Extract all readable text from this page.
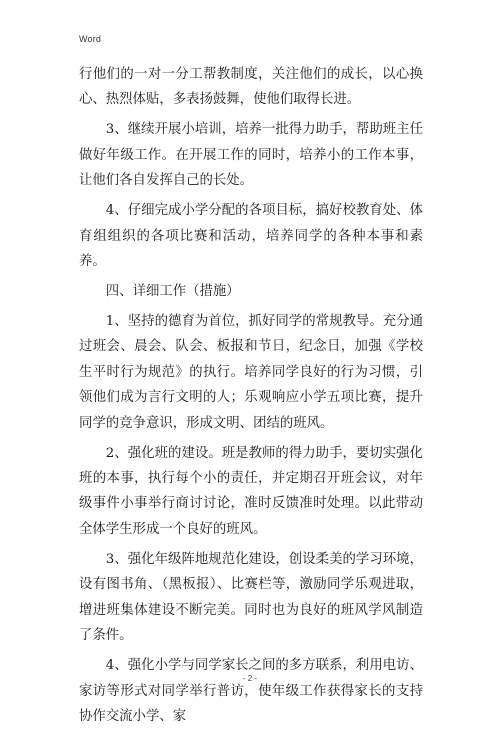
Word

行他们的一对一分工帮教制度，关注他们的成长，以心换心、热烈体贴，多表扬鼓舞，使他们取得长进。

3、继续开展小培训，培养一批得力助手，帮助班主任做好年级工作。在开展工作的同时，培养小的工作本事，让他们各自发挥自己的长处。

4、仔细完成小学分配的各项目标，搞好校教育处、体育组组织的各项比赛和活动，培养同学的各种本事和素养。

四、详细工作（措施）

1、坚持的德育为首位，抓好同学的常规教导。充分通过班会、晨会、队会、板报和节日，纪念日，加强《学校生平时行为规范》的执行。培养同学良好的行为习惯，引领他们成为言行文明的人；乐观响应小学五项比赛，提升同学的竞争意识，形成文明、团结的班风。

2、强化班的建设。班是教师的得力助手，要切实强化班的本事，执行每个小的责任，并定期召开班会议，对年级事件小事举行商讨讨论，准时反馈准时处理。以此带动全体学生形成一个良好的班风。

3、强化年级阵地规范化建设，创设柔美的学习环境，设有图书角、（黑板报）、比赛栏等，激励同学乐观进取，增进班集体建设不断完美。同时也为良好的班风学风制造了条件。

4、强化小学与同学家长之间的多方联系，利用电访、家访等形式对同学举行普访，使年级工作获得家长的支持协作交流小学、家

- 2 -
